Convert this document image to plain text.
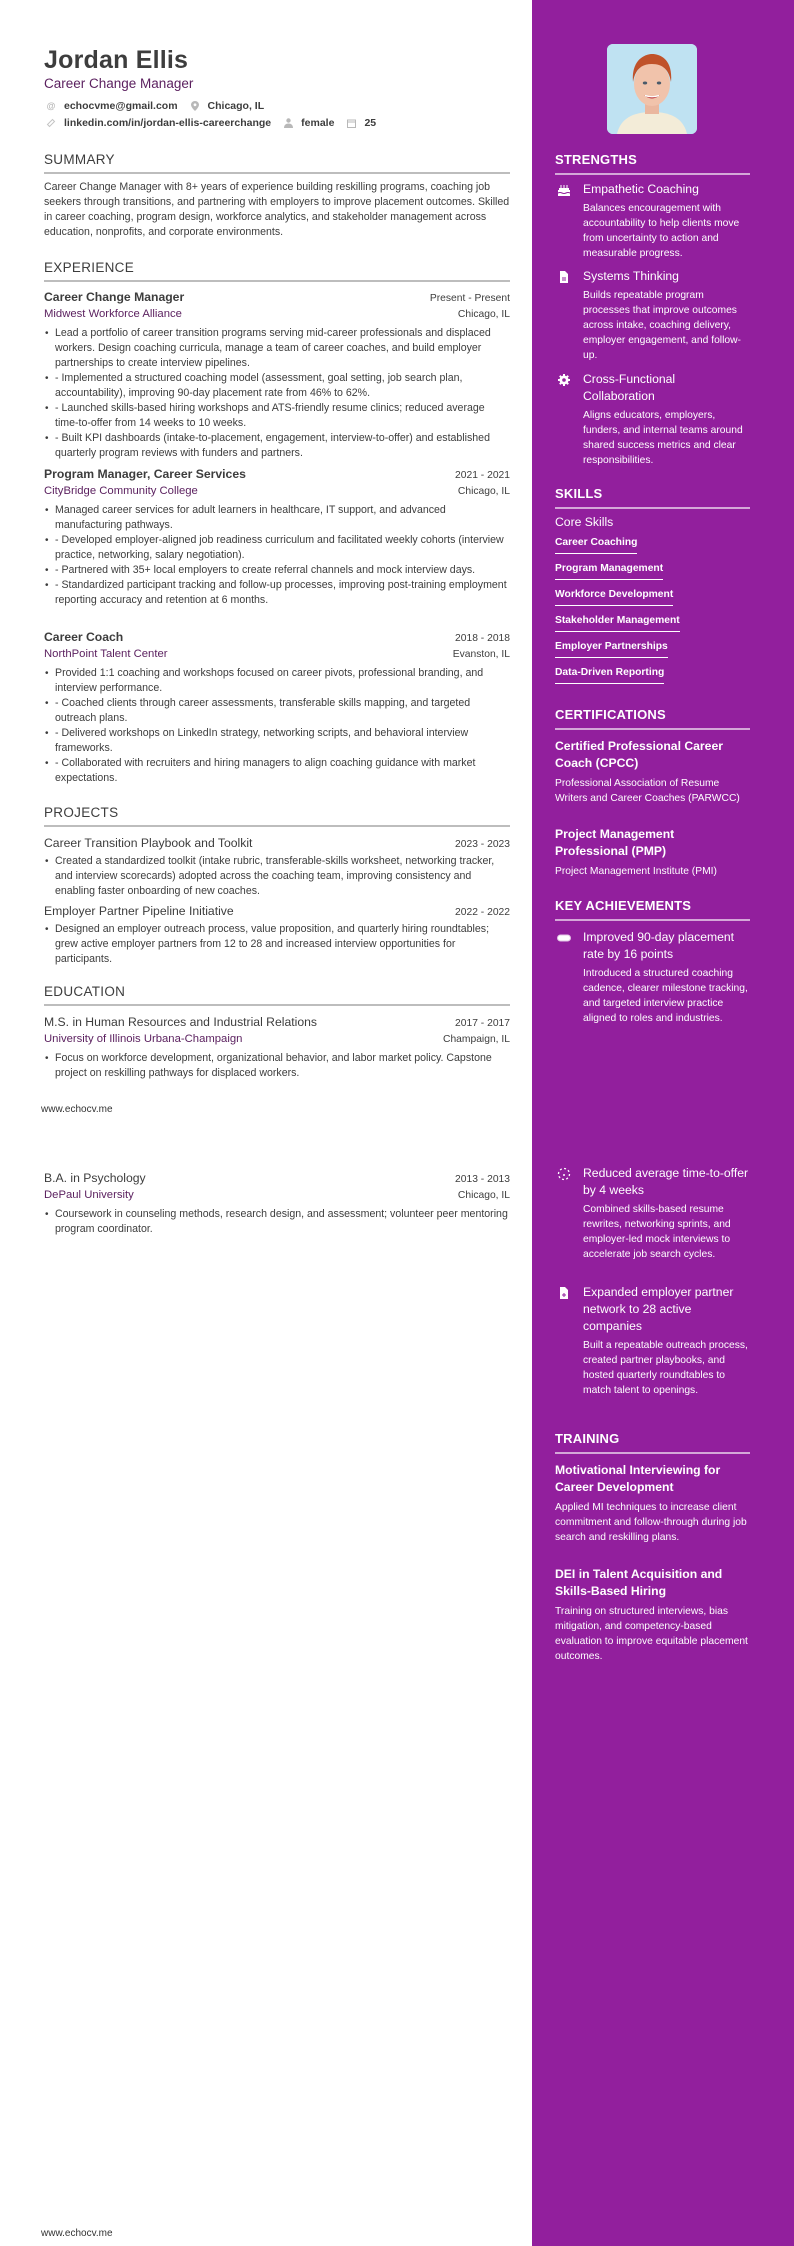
Jordan Ellis
Career Change Manager
@ echocvme@gmail.com	Chicago, IL
linkedin.com/in/jordan-ellis-careerchange	female	25
SUMMARY
Career Change Manager with 8+ years of experience building reskilling programs, coaching job seekers through transitions, and partnering with employers to improve placement outcomes. Skilled in career coaching, program design, workforce analytics, and stakeholder management across education, nonprofits, and corporate environments.
EXPERIENCE
Career Change Manager	Present - Present
Midwest Workforce Alliance	Chicago, IL
• Lead a portfolio of career transition programs serving mid-career professionals and displaced workers. Design coaching curricula, manage a team of career coaches, and build employer partnerships to create interview pipelines.
• - Implemented a structured coaching model (assessment, goal setting, job search plan, accountability), improving 90-day placement rate from 46% to 62%.
• - Launched skills-based hiring workshops and ATS-friendly resume clinics; reduced average time-to-offer from 14 weeks to 10 weeks.
• - Built KPI dashboards (intake-to-placement, engagement, interview-to-offer) and established quarterly program reviews with funders and partners.
Program Manager, Career Services	2021 - 2021
CityBridge Community College	Chicago, IL
• Managed career services for adult learners in healthcare, IT support, and advanced manufacturing pathways.
• - Developed employer-aligned job readiness curriculum and facilitated weekly cohorts (interview practice, networking, salary negotiation).
• - Partnered with 35+ local employers to create referral channels and mock interview days.
• - Standardized participant tracking and follow-up processes, improving post-training employment reporting accuracy and retention at 6 months.
Career Coach	2018 - 2018
NorthPoint Talent Center	Evanston, IL
• Provided 1:1 coaching and workshops focused on career pivots, professional branding, and interview performance.
• - Coached clients through career assessments, transferable skills mapping, and targeted outreach plans.
• - Delivered workshops on LinkedIn strategy, networking scripts, and behavioral interview frameworks.
• - Collaborated with recruiters and hiring managers to align coaching guidance with market expectations.
PROJECTS
Career Transition Playbook and Toolkit	2023 - 2023
• Created a standardized toolkit (intake rubric, transferable-skills worksheet, networking tracker, and interview scorecards) adopted across the coaching team, improving consistency and enabling faster onboarding of new coaches.
Employer Partner Pipeline Initiative	2022 - 2022
• Designed an employer outreach process, value proposition, and quarterly hiring roundtables; grew active employer partners from 12 to 28 and increased interview opportunities for participants.
EDUCATION
M.S. in Human Resources and Industrial Relations	2017 - 2017
University of Illinois Urbana-Champaign	Champaign, IL
• Focus on workforce development, organizational behavior, and labor market policy. Capstone project on reskilling pathways for displaced workers.
B.A. in Psychology	2013 - 2013
DePaul University	Chicago, IL
• Coursework in counseling methods, research design, and assessment; volunteer peer mentoring program coordinator.
www.echocv.me
www.echocv.me
STRENGTHS
Empathetic Coaching
Balances encouragement with accountability to help clients move from uncertainty to action and measurable progress.
Systems Thinking
Builds repeatable program processes that improve outcomes across intake, coaching delivery, employer engagement, and follow-up.
Cross-Functional Collaboration
Aligns educators, employers, funders, and internal teams around shared success metrics and clear responsibilities.
SKILLS
Core Skills
Career Coaching
Program Management
Workforce Development
Stakeholder Management
Employer Partnerships
Data-Driven Reporting
CERTIFICATIONS
Certified Professional Career Coach (CPCC)
Professional Association of Resume Writers and Career Coaches (PARWCC)
Project Management Professional (PMP)
Project Management Institute (PMI)
KEY ACHIEVEMENTS
Improved 90-day placement rate by 16 points
Introduced a structured coaching cadence, clearer milestone tracking, and targeted interview practice aligned to roles and industries.
Reduced average time-to-offer by 4 weeks
Combined skills-based resume rewrites, networking sprints, and employer-led mock interviews to accelerate job search cycles.
Expanded employer partner network to 28 active companies
Built a repeatable outreach process, created partner playbooks, and hosted quarterly roundtables to match talent to openings.
TRAINING
Motivational Interviewing for Career Development
Applied MI techniques to increase client commitment and follow-through during job search and reskilling plans.
DEI in Talent Acquisition and Skills-Based Hiring
Training on structured interviews, bias mitigation, and competency-based evaluation to improve equitable placement outcomes.
